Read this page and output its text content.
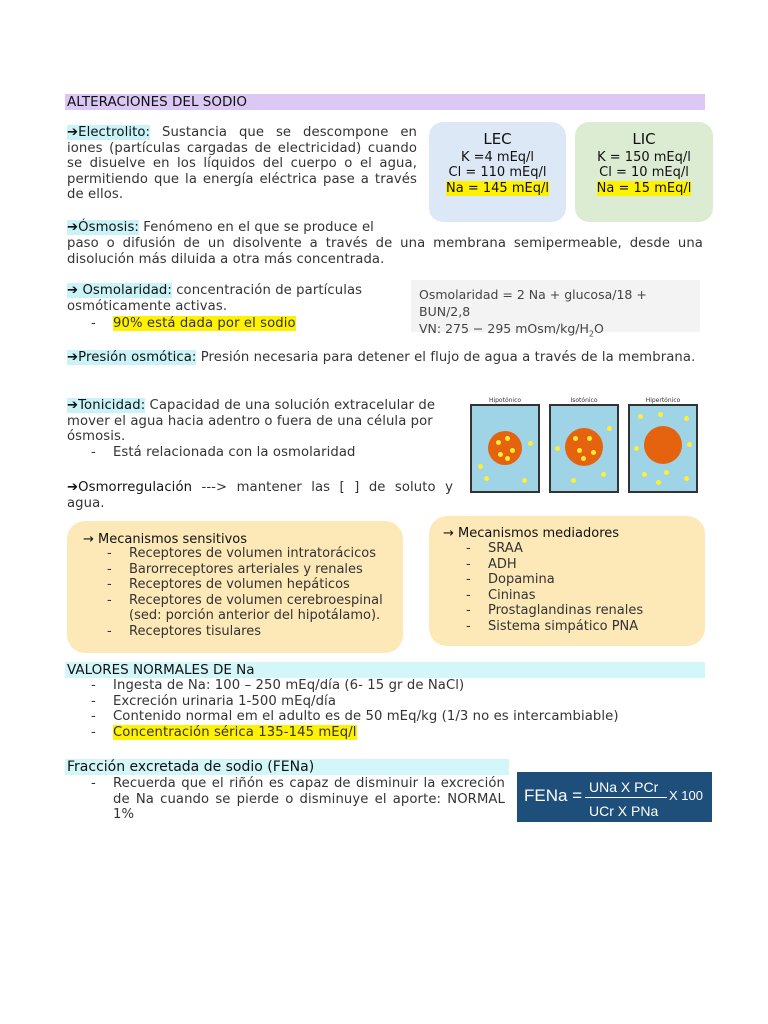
ALTERACIONES DEL SODIO
➔Electrolito: Sustancia que se descompone en iones (partículas cargadas de electricidad) cuando se disuelve en los líquidos del cuerpo o el agua, permitiendo que la energía eléctrica pase a través de ellos.
LEC
K =4 mEq/l
Cl = 110 mEq/l
Na = 145 mEq/l
LIC
K = 150 mEq/l
Cl = 10 mEq/l
Na = 15 mEq/l
➔Ósmosis: Fenómeno en el que se produce el
paso o difusión de un disolvente a través de una membrana semipermeable, desde una disolución más diluida a otra más concentrada.
➔ Osmolaridad: concentración de partículas osmóticamente activas.
- 90% está dada por el sodio
Osmolaridad = 2 Na + glucosa/18 + BUN/2,8
VN: 275 − 295 mOsm/$kg/H_2O$
➔Presión osmótica: Presión necesaria para detener el flujo de agua a través de la membrana.
➔Tonicidad: Capacidad de una solución extracelular de mover el agua hacia adentro o fuera de una célula por ósmosis.
- Está relacionada con la osmolaridad
Hipotónico	Isotónico	Hipertónico
➔Osmorregulación ---> mantener las [ ] de soluto y agua.
→ Mecanismos sensitivos
- Receptores de volumen intratorácicos
- Barorreceptores arteriales y renales
- Receptores de volumen hepáticos
- Receptores de volumen cerebroespinal (sed: porción anterior del hipotálamo).
- Receptores tisulares
→ Mecanismos mediadores
- SRAA
- ADH
- Dopamina
- Cininas
- Prostaglandinas renales
- Sistema simpático PNA
VALORES NORMALES DE Na
- Ingesta de Na: 100 – 250 mEq/día (6- 15 gr de NaCl)
- Excreción urinaria 1-500 mEq/día
- Contenido normal em el adulto es de 50 mEq/kg (1/3 no es intercambiable)
- Concentración sérica 135-145 mEq/l
Fracción excretada de sodio (FENa)
- Recuerda que el riñón es capaz de disminuir la excreción de Na cuando se pierde o disminuye el aporte: NORMAL 1%
FENa = UNa X PCr
UCr X PNa
X 100
